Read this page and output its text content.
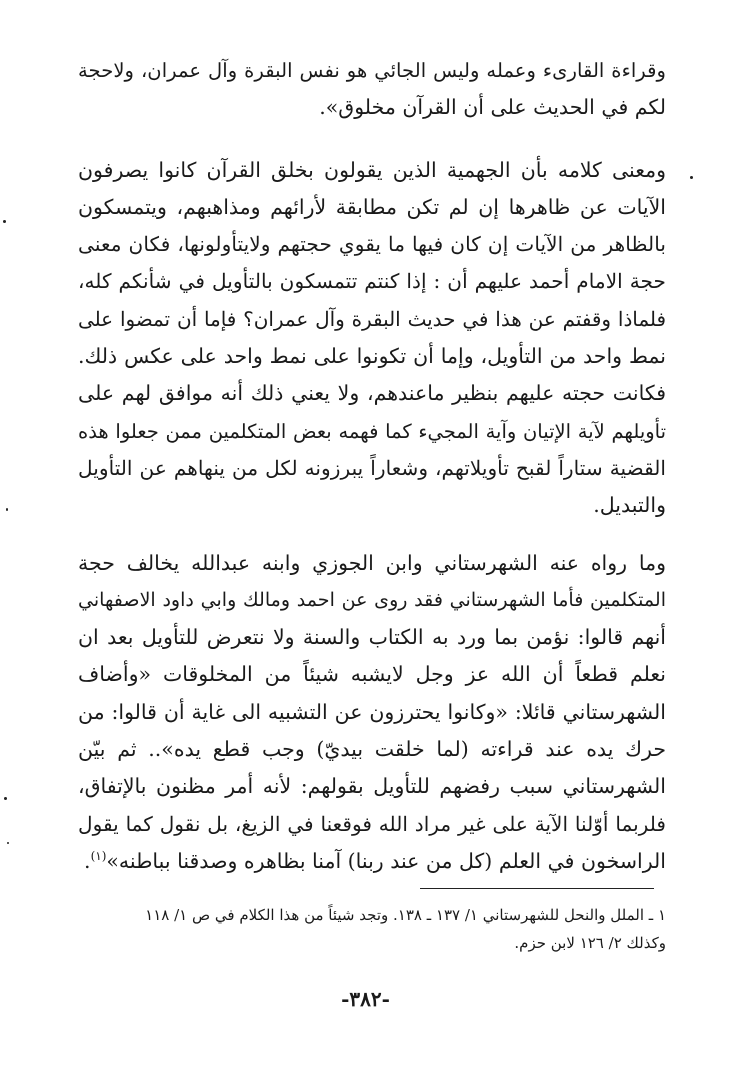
وقراءة القارىء وعمله وليس الجائي هو نفس البقرة وآل عمران، ولاحجة
لكم في الحديث على أن القرآن مخلوق».

ومعنى كلامه بأن الجهمية الذين يقولون بخلق القرآن كانوا يصرفون
الآيات عن ظاهرها إن لم تكن مطابقة لأرائهم ومذاهبهم، ويتمسكون
بالظاهر من الآيات إن كان فيها ما يقوي حجتهم ولايتأولونها، فكان معنى
حجة الامام أحمد عليهم أن : إذا كنتم تتمسكون بالتأويل في شأنكم كله،
فلماذا وقفتم عن هذا في حديث البقرة وآل عمران؟ فإما أن تمضوا على
نمط واحد من التأويل، وإما أن تكونوا على نمط واحد على عكس ذلك.
فكانت حجته عليهم بنظير ماعندهم، ولا يعني ذلك أنه موافق لهم على
تأويلهم لآية الإتيان وآية المجيء كما فهمه بعض المتكلمين ممن جعلوا هذه
القضية ستاراً لقبح تأويلاتهم، وشعاراً يبرزونه لكل من ينهاهم عن التأويل
والتبديل.

وما رواه عنه الشهرستاني وابن الجوزي وابنه عبدالله يخالف حجة
المتكلمين فأما الشهرستاني فقد روى عن احمد ومالك وابي داود الاصفهاني
أنهم قالوا: نؤمن بما ورد به الكتاب والسنة ولا نتعرض للتأويل بعد ان
نعلم قطعاً أن الله عز وجل لايشبه شيئاً من المخلوقات «وأضاف
الشهرستاني قائلا: «وكانوا يحترزون عن التشبيه الى غاية أن قالوا: من
حرك يده عند قراءته (لما خلقت بيديّ) وجب قطع يده».. ثم بيّن
الشهرستاني سبب رفضهم للتأويل بقولهم: لأنه أمر مظنون بالإتفاق،
فلربما أوّلنا الآية على غير مراد الله فوقعنا في الزيغ، بل نقول كما يقول
الراسخون في العلم (كل من عند ربنا) آمنا بظاهره وصدقنا بباطنه»$^{(١)}$.

١ ـ الملل والنحل للشهرستاني ١/ ١٣٧ ـ ١٣٨. وتجد شيئاً من هذا الكلام في ص ١/ ١١٨
وكذلك ٢/ ١٢٦ لابن حزم.
-٣٨٢-
